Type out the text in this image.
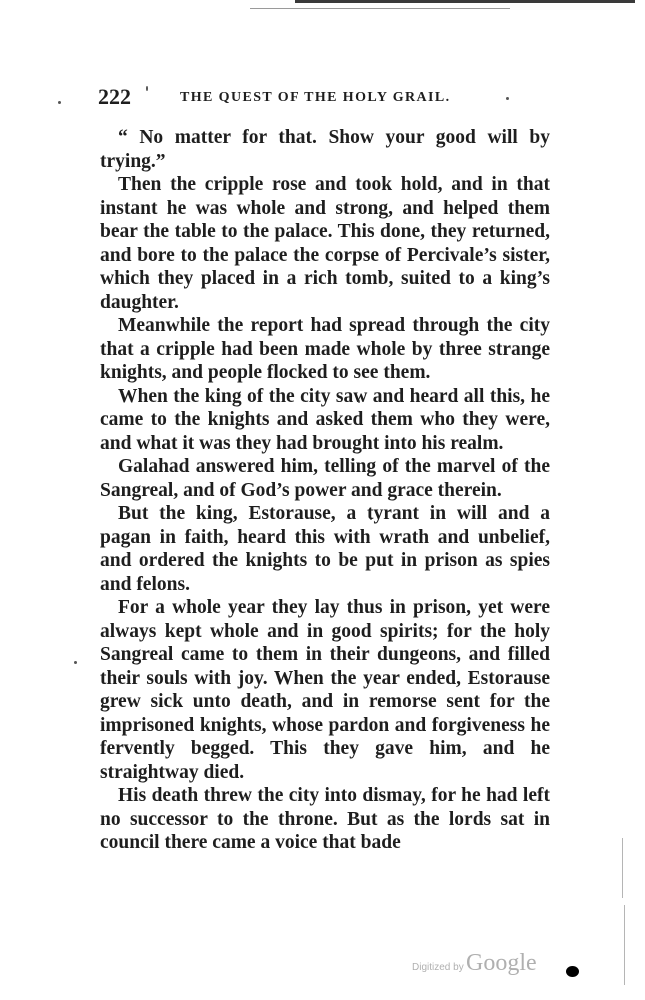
222	THE QUEST OF THE HOLY GRAIL.

“ No matter for that. Show your good will by trying.”

Then the cripple rose and took hold, and in that instant he was whole and strong, and helped them bear the table to the palace. This done, they returned, and bore to the palace the corpse of Percivale’s sister, which they placed in a rich tomb, suited to a king’s daughter.

Meanwhile the report had spread through the city that a cripple had been made whole by three strange knights, and people flocked to see them.

When the king of the city saw and heard all this, he came to the knights and asked them who they were, and what it was they had brought into his realm.

Galahad answered him, telling of the marvel of the Sangreal, and of God’s power and grace therein.

But the king, Estorause, a tyrant in will and a pagan in faith, heard this with wrath and unbelief, and ordered the knights to be put in prison as spies and felons.

For a whole year they lay thus in prison, yet were always kept whole and in good spirits; for the holy Sangreal came to them in their dungeons, and filled their souls with joy. When the year ended, Estorause grew sick unto death, and in remorse sent for the imprisoned knights, whose pardon and forgiveness he fervently begged. This they gave him, and he straightway died.

His death threw the city into dismay, for he had left no successor to the throne. But as the lords sat in council there came a voice that bade

Digitized by Google
